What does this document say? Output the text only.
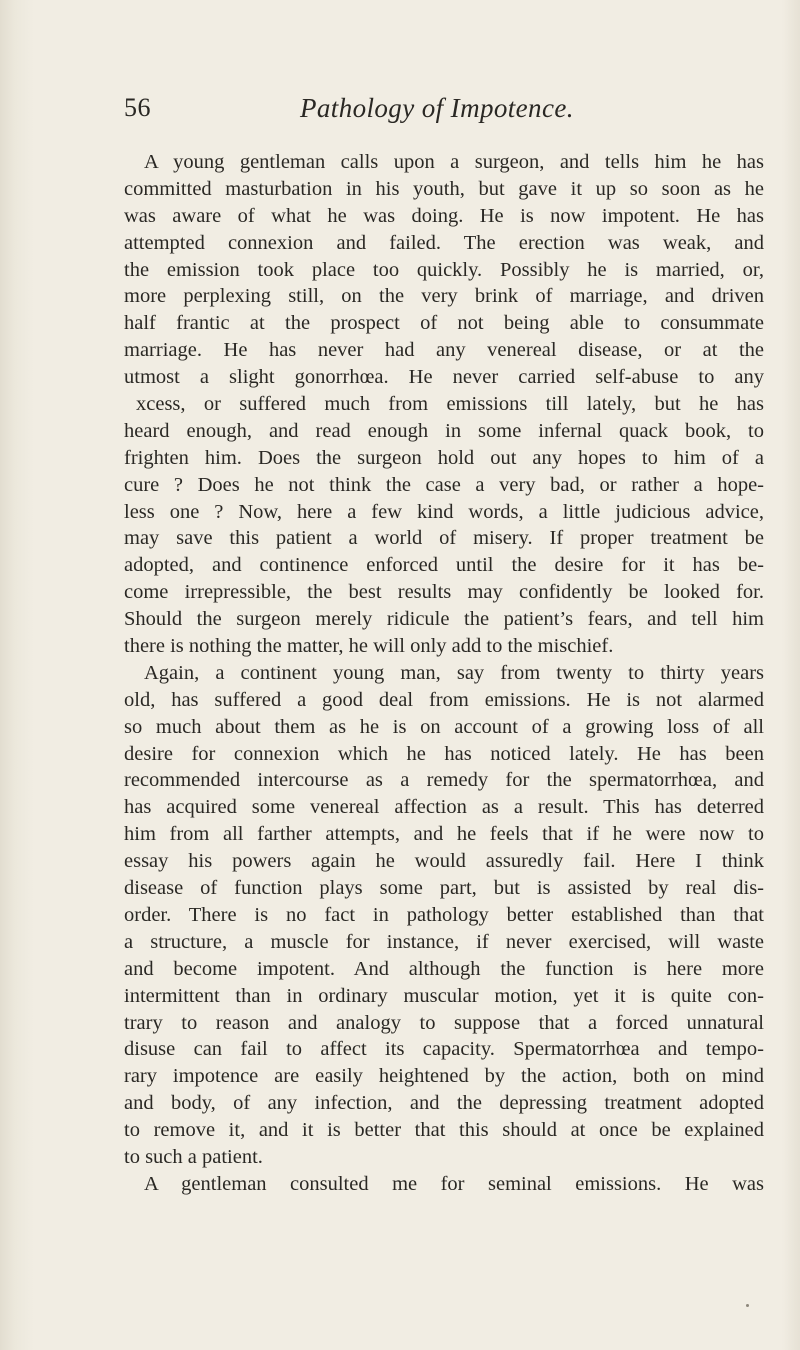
56	Pathology of Impotence.
A young gentleman calls upon a surgeon, and tells him he has
committed masturbation in his youth, but gave it up so soon as he
was aware of what he was doing. He is now impotent. He has
attempted connexion and failed. The erection was weak, and
the emission took place too quickly. Possibly he is married, or,
more perplexing still, on the very brink of marriage, and driven
half frantic at the prospect of not being able to consummate
marriage. He has never had any venereal disease, or at the
utmost a slight gonorrhœa. He never carried self-abuse to any
xcess, or suffered much from emissions till lately, but he has
heard enough, and read enough in some infernal quack book, to
frighten him. Does the surgeon hold out any hopes to him of a
cure ? Does he not think the case a very bad, or rather a hope-
less one ? Now, here a few kind words, a little judicious advice,
may save this patient a world of misery. If proper treatment be
adopted, and continence enforced until the desire for it has be-
come irrepressible, the best results may confidently be looked for.
Should the surgeon merely ridicule the patient’s fears, and tell him
there is nothing the matter, he will only add to the mischief.
Again, a continent young man, say from twenty to thirty years
old, has suffered a good deal from emissions. He is not alarmed
so much about them as he is on account of a growing loss of all
desire for connexion which he has noticed lately. He has been
recommended intercourse as a remedy for the spermatorrhœa, and
has acquired some venereal affection as a result. This has deterred
him from all farther attempts, and he feels that if he were now to
essay his powers again he would assuredly fail. Here I think
disease of function plays some part, but is assisted by real dis-
order. There is no fact in pathology better established than that
a structure, a muscle for instance, if never exercised, will waste
and become impotent. And although the function is here more
intermittent than in ordinary muscular motion, yet it is quite con-
trary to reason and analogy to suppose that a forced unnatural
disuse can fail to affect its capacity. Spermatorrhœa and tempo-
rary impotence are easily heightened by the action, both on mind
and body, of any infection, and the depressing treatment adopted
to remove it, and it is better that this should at once be explained
to such a patient.
A gentleman consulted me for seminal emissions. He was
